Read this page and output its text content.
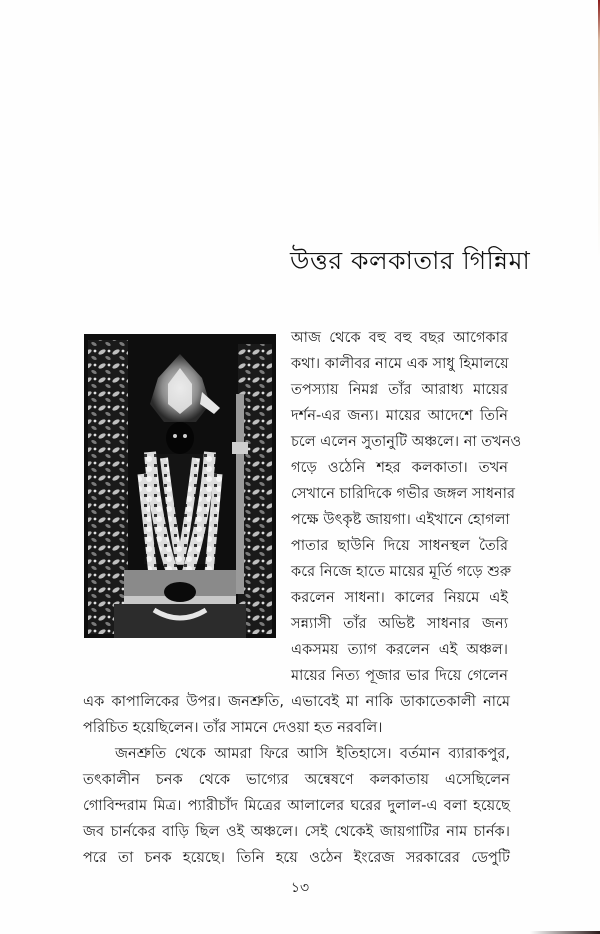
উত্তর কলকাতার গিন্নিমা
আজ থেকে বহু বহু বছর আগেকার
কথা। কালীবর নামে এক সাধু হিমালয়ে
তপস্যায় নিমগ্ন তাঁর আরাধ্য মায়ের
দর্শন-এর জন্য। মায়ের আদেশে তিনি
চলে এলেন সুতানুটি অঞ্চলে। না তখনও
গড়ে ওঠেনি শহর কলকাতা। তখন
সেখানে চারিদিকে গভীর জঙ্গল সাধনার
পক্ষে উৎকৃষ্ট জায়গা। এইখানে হোগলা
পাতার ছাউনি দিয়ে সাধনস্থল তৈরি
করে নিজে হাতে মায়ের মূর্তি গড়ে শুরু
করলেন সাধনা। কালের নিয়মে এই
সন্ন্যাসী তাঁর অভিষ্ট সাধনার জন্য
একসময় ত্যাগ করলেন এই অঞ্চল।
মায়ের নিত্য পূজার ভার দিয়ে গেলেন
এক কাপালিকের উপর। জনশ্রুতি, এভাবেই মা নাকি ডাকাতেকালী নামে
পরিচিত হয়েছিলেন। তাঁর সামনে দেওয়া হত নরবলি।
জনশ্রুতি থেকে আমরা ফিরে আসি ইতিহাসে। বর্তমান ব্যারাকপুর,
তৎকালীন চনক থেকে ভাগ্যের অন্বেষণে কলকাতায় এসেছিলেন
গোবিন্দরাম মিত্র। প্যারীচাঁদ মিত্রের আলালের ঘরের দুলাল-এ বলা হয়েছে
জব চার্নকের বাড়ি ছিল ওই অঞ্চলে। সেই থেকেই জায়গাটির নাম চার্নক।
পরে তা চনক হয়েছে। তিনি হয়ে ওঠেন ইংরেজ সরকারের ডেপুটি
১৩
